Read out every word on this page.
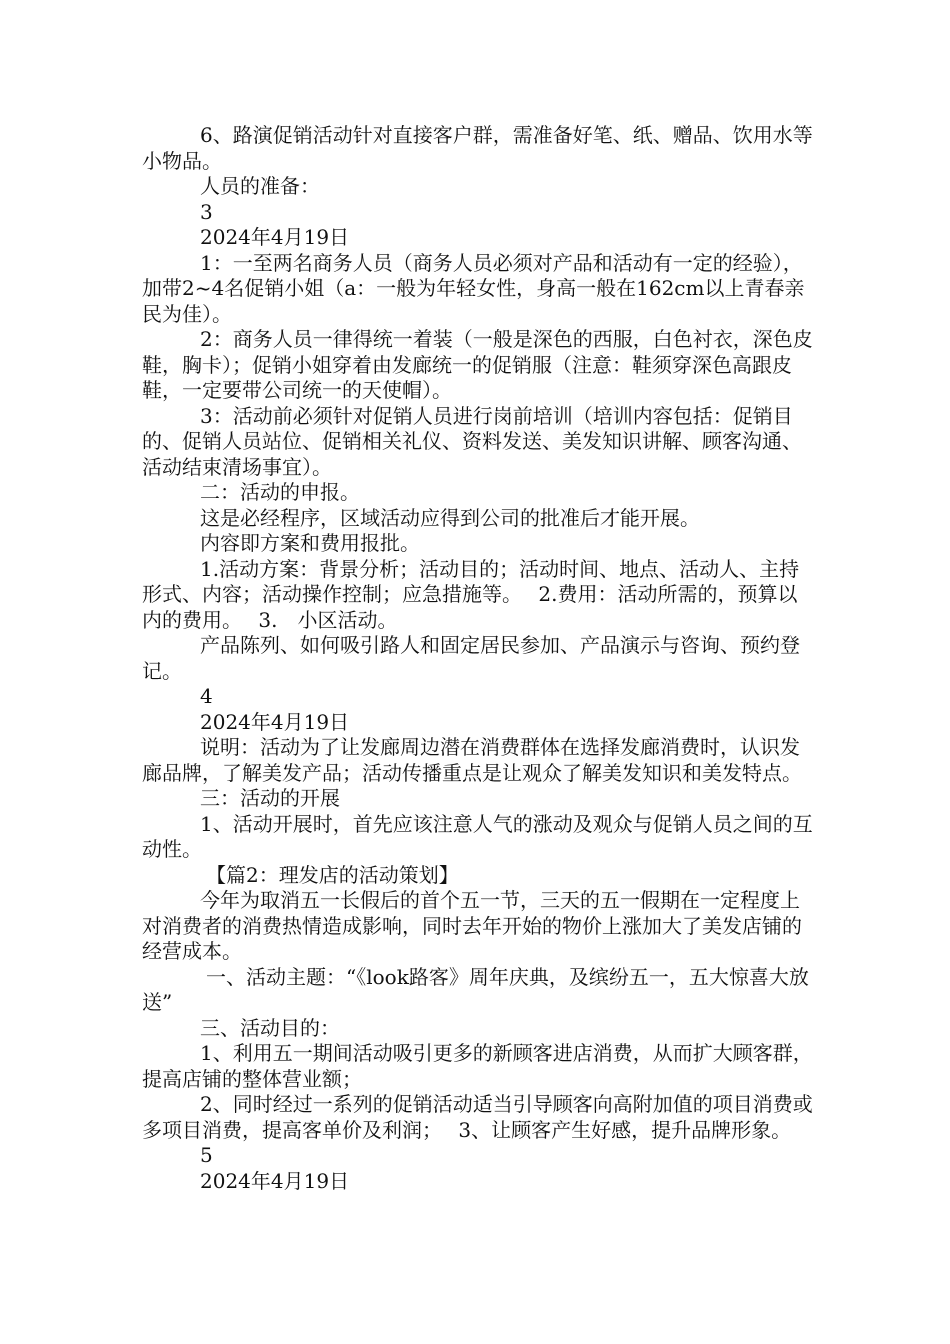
6、路演促销活动针对直接客户群，需准备好笔、纸、赠品、饮用水等小物品。

人员的准备：

3

2024年4月19日

1：一至两名商务人员（商务人员必须对产品和活动有一定的经验），加带2~4名促销小姐（a：一般为年轻女性，身高一般在162cm以上青春亲民为佳）。

2：商务人员一律得统一着装（一般是深色的西服，白色衬衣，深色皮鞋，胸卡）；促销小姐穿着由发廊统一的促销服（注意：鞋须穿深色高跟皮鞋，一定要带公司统一的天使帽）。

3：活动前必须针对促销人员进行岗前培训（培训内容包括：促销目的、促销人员站位、促销相关礼仪、资料发送、美发知识讲解、顾客沟通、活动结束清场事宜）。

二：活动的申报。

这是必经程序，区域活动应得到公司的批准后才能开展。

内容即方案和费用报批。

1.活动方案：背景分析；活动目的；活动时间、地点、活动人、主持形式、内容；活动操作控制；应急措施等。　 2.费用：活动所需的，预算以内的费用。　 3.　小区活动。

产品陈列、如何吸引路人和固定居民参加、产品演示与咨询、预约登记。

4

2024年4月19日

说明：活动为了让发廊周边潜在消费群体在选择发廊消费时，认识发廊品牌，了解美发产品；活动传播重点是让观众了解美发知识和美发特点。

三：活动的开展

1、活动开展时，首先应该注意人气的涨动及观众与促销人员之间的互动性。

【篇2：理发店的活动策划】

今年为取消五一长假后的首个五一节，三天的五一假期在一定程度上对消费者的消费热情造成影响，同时去年开始的物价上涨加大了美发店铺的经营成本。

一、活动主题：“《look路客》周年庆典，及缤纷五一，五大惊喜大放送”

三、活动目的：

1、利用五一期间活动吸引更多的新顾客进店消费，从而扩大顾客群，提高店铺的整体营业额；

2、同时经过一系列的促销活动适当引导顾客向高附加值的项目消费或多项目消费，提高客单价及利润；　 3、让顾客产生好感，提升品牌形象。

5

2024年4月19日
